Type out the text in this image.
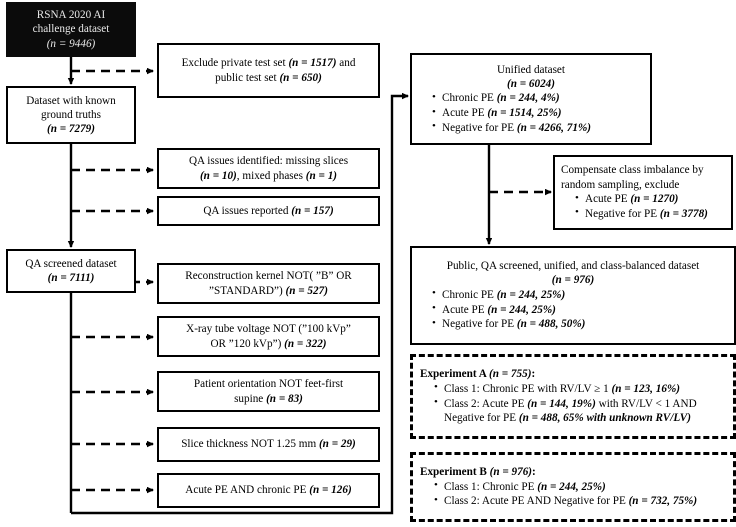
RSNA 2020 AI
challenge dataset
(n = 9446)
Dataset with known
ground truths
(n = 7279)
QA screened dataset
(n = 7111)
Exclude private test set (n = 1517) and
public test set (n = 650)
QA issues identified: missing slices
(n = 10), mixed phases (n = 1)
QA issues reported (n = 157)
Reconstruction kernel NOT( ”B” OR
”STANDARD”) (n = 527)
X-ray tube voltage NOT (”100 kVp”
OR ”120 kVp”) (n = 322)
Patient orientation NOT feet-first
supine (n = 83)
Slice thickness NOT 1.25 mm (n = 29)
Acute PE AND chronic PE (n = 126)
Unified dataset
(n = 6024)
• Chronic PE (n = 244, 4%)
• Acute PE (n = 1514, 25%)
• Negative for PE (n = 4266, 71%)
Compensate class imbalance by
random sampling, exclude
• Acute PE (n = 1270)
• Negative for PE (n = 3778)
Public, QA screened, unified, and class-balanced dataset
(n = 976)
• Chronic PE (n = 244, 25%)
• Acute PE (n = 244, 25%)
• Negative for PE (n = 488, 50%)
Experiment A (n = 755):
• Class 1: Chronic PE with RV/LV ≥ 1 (n = 123, 16%)
• Class 2: Acute PE (n = 144, 19%) with RV/LV < 1 AND
Negative for PE (n = 488, 65% with unknown RV/LV)
Experiment B (n = 976):
• Class 1: Chronic PE (n = 244, 25%)
• Class 2: Acute PE AND Negative for PE (n = 732, 75%)
